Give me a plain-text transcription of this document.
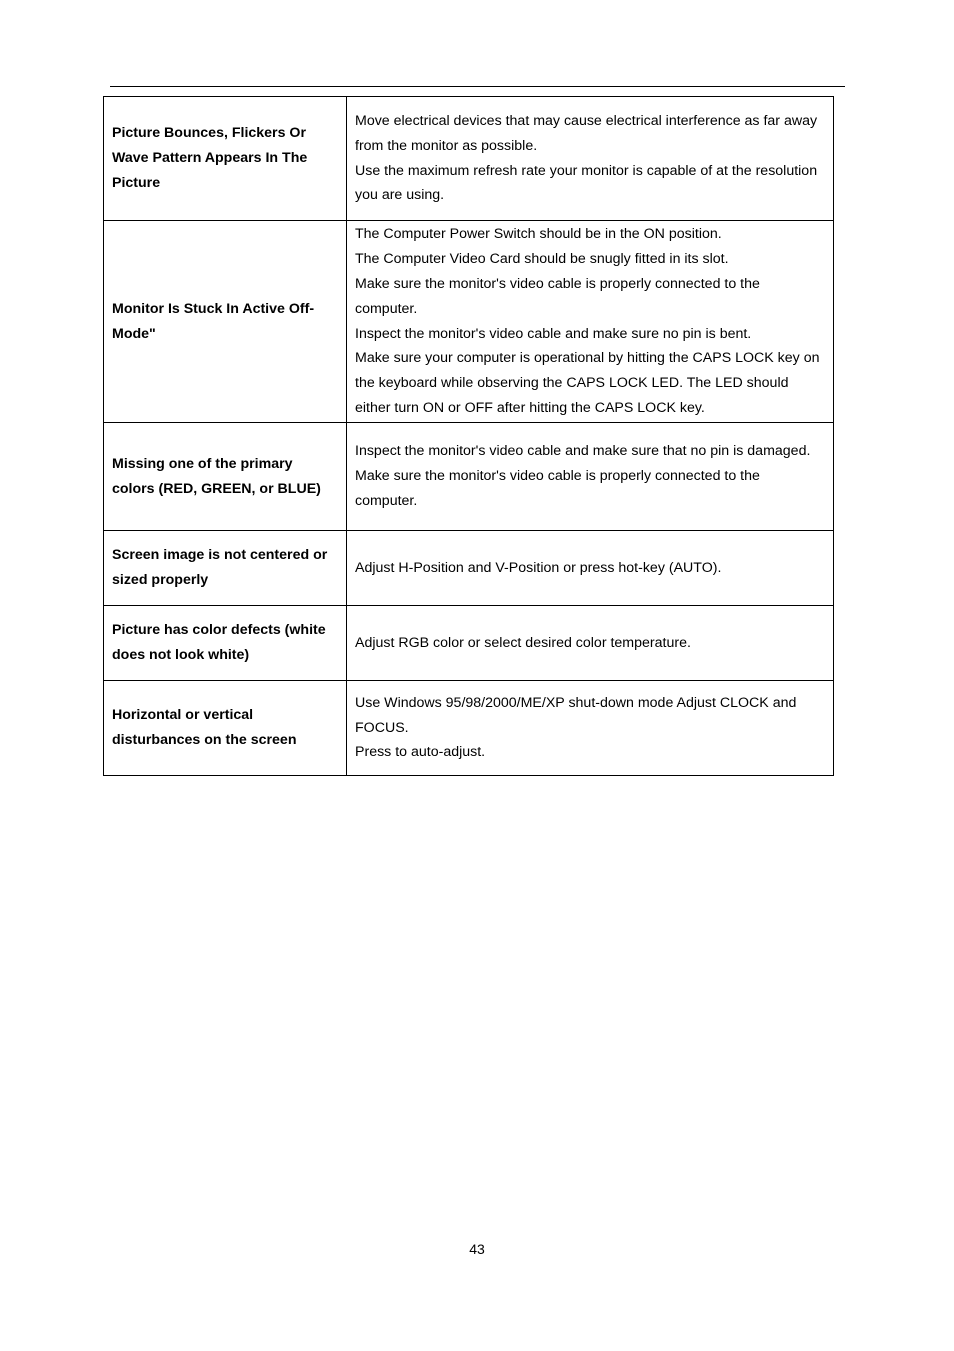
Picture Bounces, Flickers Or Wave Pattern Appears In The Picture	Move electrical devices that may cause electrical interference as far away from the monitor as possible.
Use the maximum refresh rate your monitor is capable of at the resolution you are using.

Monitor Is Stuck In Active Off-Mode"	The Computer Power Switch should be in the ON position.
The Computer Video Card should be snugly fitted in its slot.
Make sure the monitor's video cable is properly connected to the computer.
Inspect the monitor's video cable and make sure no pin is bent.
Make sure your computer is operational by hitting the CAPS LOCK key on the keyboard while observing the CAPS LOCK LED. The LED should either turn ON or OFF after hitting the CAPS LOCK key.

Missing one of the primary colors (RED, GREEN, or BLUE)	Inspect the monitor's video cable and make sure that no pin is damaged.
Make sure the monitor's video cable is properly connected to the computer.

Screen image is not centered or sized properly	Adjust H-Position and V-Position or press hot-key (AUTO).

Picture has color defects (white does not look white)	Adjust RGB color or select desired color temperature.

Horizontal or vertical disturbances on the screen	Use Windows 95/98/2000/ME/XP shut-down mode Adjust CLOCK and FOCUS.
Press to auto-adjust.
43
